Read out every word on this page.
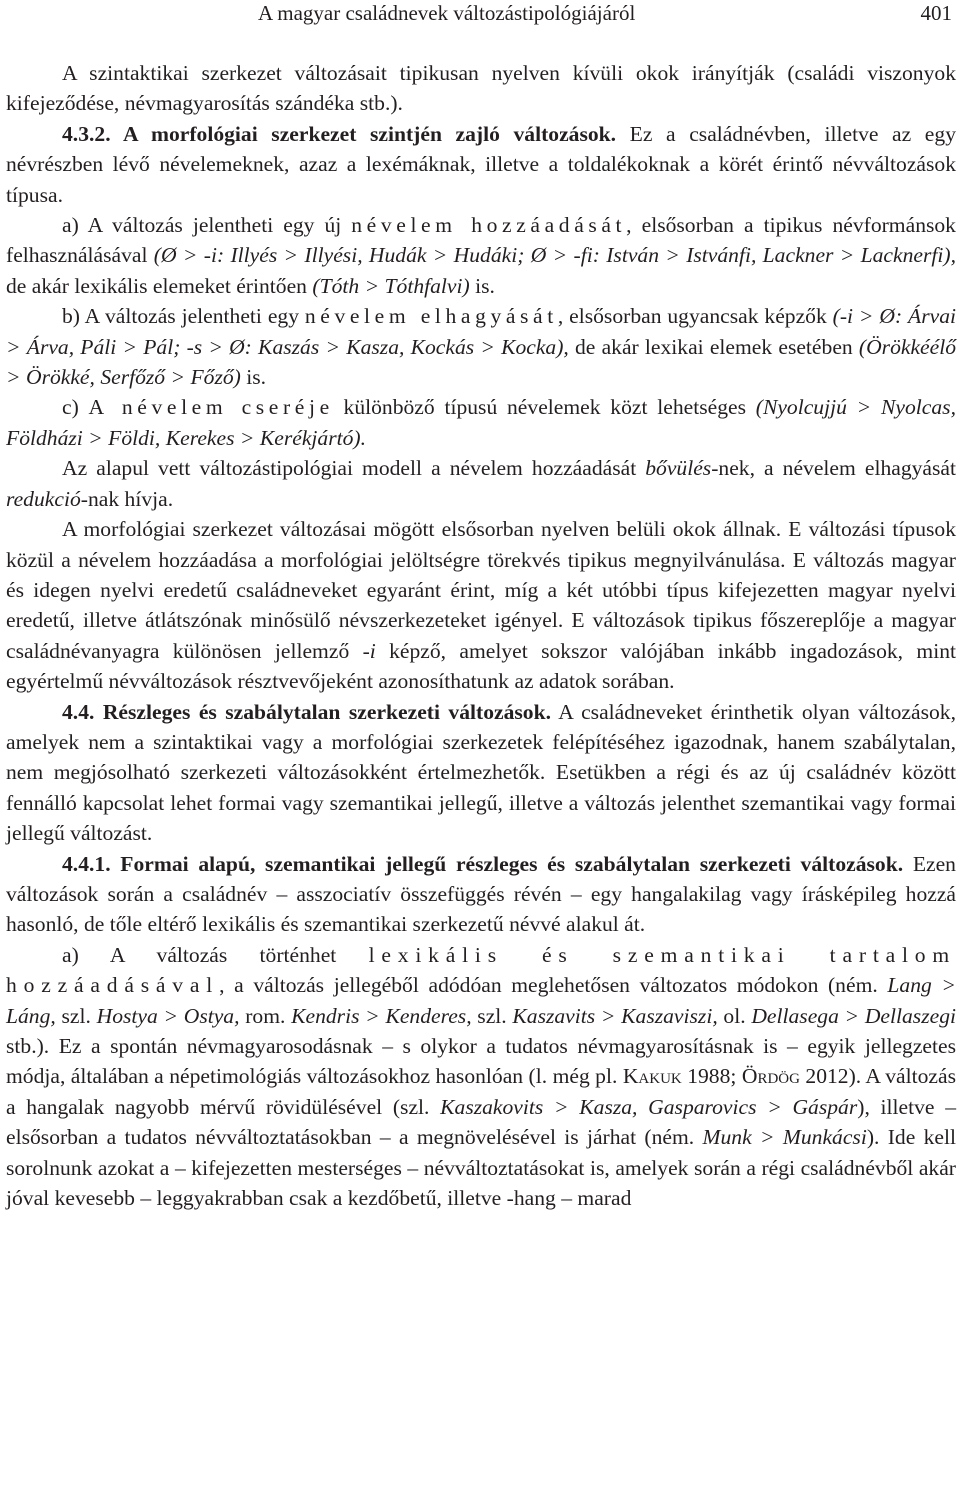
A magyar családnevek változástipológiájáról	401

A szintaktikai szerkezet változásait tipikusan nyelven kívüli okok irányítják (családi viszonyok kifejeződése, névmagyarosítás szándéka stb.).

4.3.2. A morfológiai szerkezet szintjén zajló változások. Ez a családnévben, illetve az egy névrészben lévő névelemeknek, azaz a lexémáknak, illetve a toldalékoknak a körét érintő névváltozások típusa.

a) A változás jelentheti egy új névelem hozzáadását, elsősorban a tipikus névformánsok felhasználásával (Ø > -i: Illyés > Illyési, Hudák > Hudáki; Ø > -fi: István > Istvánfi, Lackner > Lacknerfi), de akár lexikális elemeket érintően (Tóth > Tóthfalvi) is.

b) A változás jelentheti egy névelem elhagyását, elsősorban ugyancsak képzők (-i > Ø: Árvai > Árva, Páli > Pál; -s > Ø: Kaszás > Kasza, Kockás > Kocka), de akár lexikai elemek esetében (Örökkéélő > Örökké, Serfőző > Főző) is.

c) A névelem cseréje különböző típusú névelemek közt lehetséges (Nyolcujjú > Nyolcas, Földházi > Földi, Kerekes > Kerékjártó).

Az alapul vett változástipológiai modell a névelem hozzáadását bővülés-nek, a névelem elhagyását redukció-nak hívja.

A morfológiai szerkezet változásai mögött elsősorban nyelven belüli okok állnak. E változási típusok közül a névelem hozzáadása a morfológiai jelöltségre törekvés tipikus megnyilvánulása. E változás magyar és idegen nyelvi eredetű családneveket egyaránt érint, míg a két utóbbi típus kifejezetten magyar nyelvi eredetű, illetve átlátszónak minősülő névszerkezeteket igényel. E változások tipikus főszereplője a magyar családnévanyagra különösen jellemző -i képző, amelyet sokszor valójában inkább ingadozások, mint egyértelmű névváltozások résztvevőjeként azonosíthatunk az adatok sorában.

4.4. Részleges és szabálytalan szerkezeti változások. A családneveket érinthetik olyan változások, amelyek nem a szintaktikai vagy a morfológiai szerkezetek felépítéséhez igazodnak, hanem szabálytalan, nem megjósolható szerkezeti változásokként értelmezhetők. Esetükben a régi és az új családnév között fennálló kapcsolat lehet formai vagy szemantikai jellegű, illetve a változás jelenthet szemantikai vagy formai jellegű változást.

4.4.1. Formai alapú, szemantikai jellegű részleges és szabálytalan szerkezeti változások. Ezen változások során a családnév – asszociatív összefüggés révén – egy hangalakilag vagy írásképileg hozzá hasonló, de tőle eltérő lexikális és szemantikai szerkezetű névvé alakul át.

a) A változás történhet lexikális és szemantikai tartalom hozzáadásával, a változás jellegéből adódóan meglehetősen változatos módokon (ném. Lang > Láng, szl. Hostya > Ostya, rom. Kendris > Kenderes, szl. Kaszavits > Kaszaviszi, ol. Dellasega > Dellaszegi stb.). Ez a spontán névmagyarosodásnak – s olykor a tudatos névmagyarosításnak is – egyik jellegzetes módja, általában a népetimológiás változásokhoz hasonlóan (l. még pl. Kakuk 1988; Ördög 2012). A változás a hangalak nagyobb mérvű rövidülésével (szl. Kaszakovits > Kasza, Gasparovics > Gáspár), illetve – elsősorban a tudatos névváltoztatásokban – a megnövelésével is járhat (ném. Munk > Munkácsi). Ide kell sorolnunk azokat a – kifejezetten mesterséges – névváltoztatásokat is, amelyek során a régi családnévből akár jóval kevesebb – leggyakrabban csak a kezdőbetű, illetve -hang – marad
